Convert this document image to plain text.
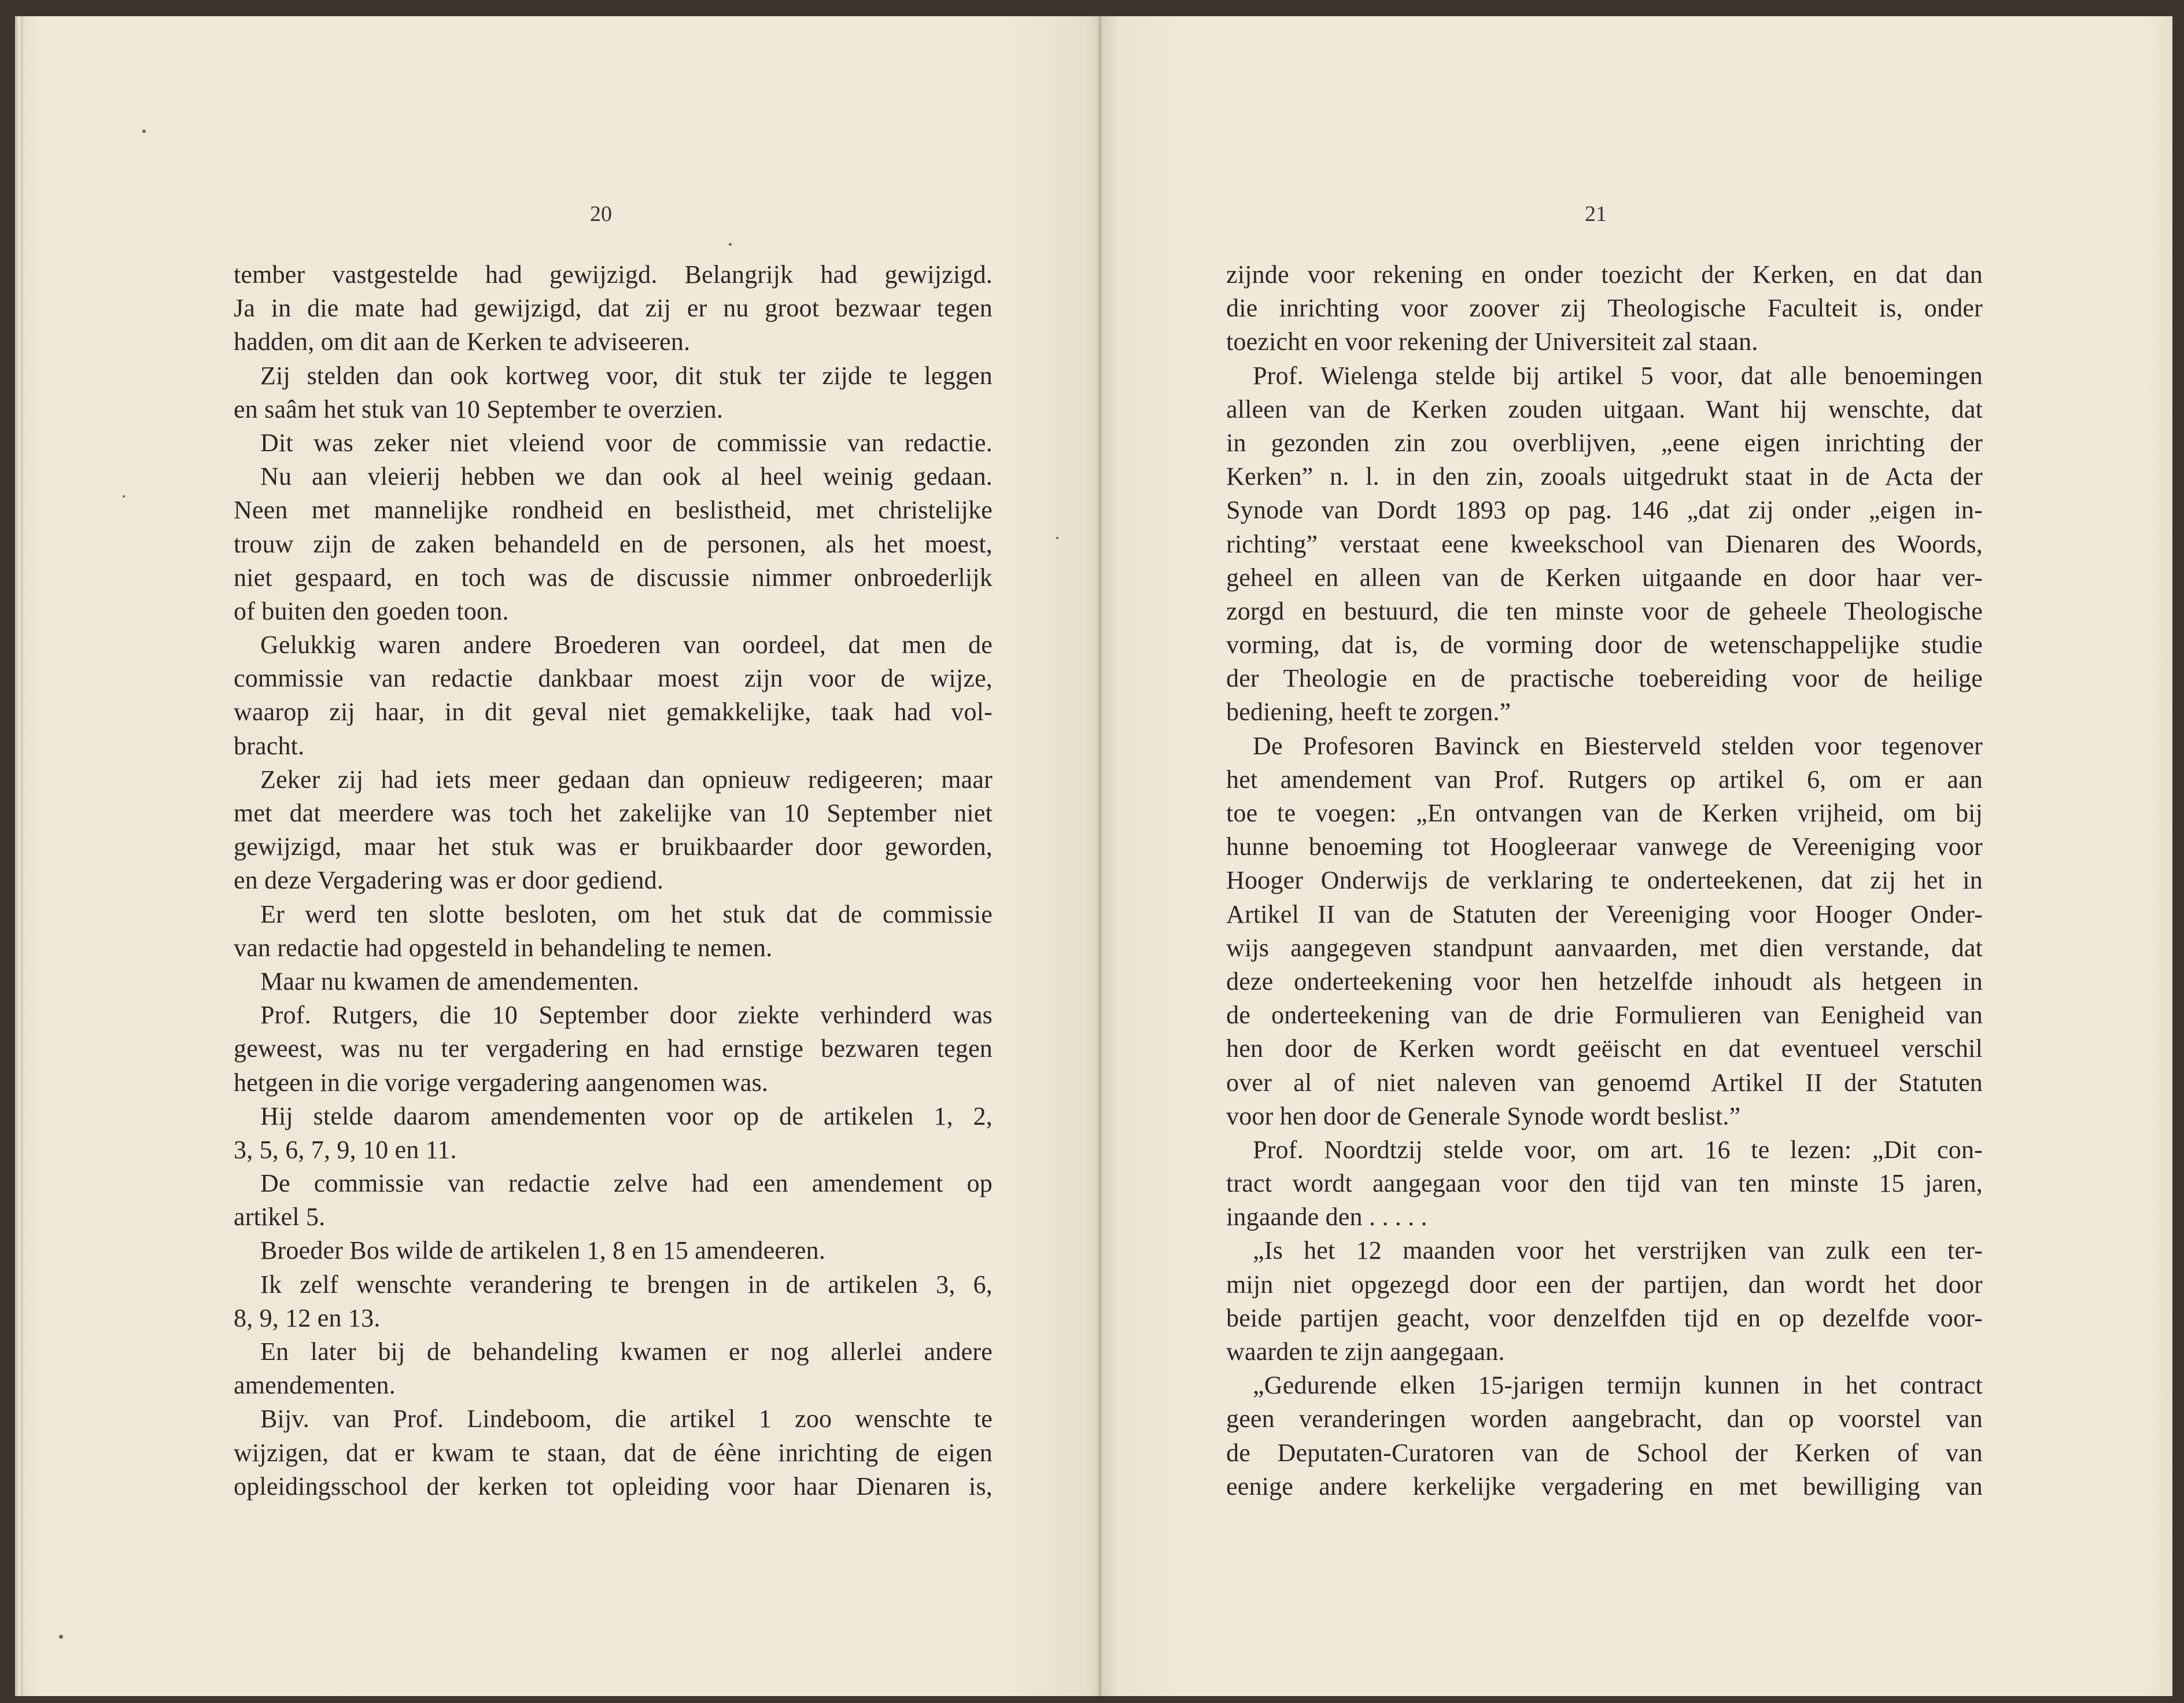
20
tember vastgestelde had gewijzigd. Belangrijk had gewijzigd.
Ja in die mate had gewijzigd, dat zij er nu groot bezwaar tegen
hadden, om dit aan de Kerken te adviseeren.
Zij stelden dan ook kortweg voor, dit stuk ter zijde te leggen
en saâm het stuk van 10 September te overzien.
Dit was zeker niet vleiend voor de commissie van redactie.
Nu aan vleierij hebben we dan ook al heel weinig gedaan.
Neen met mannelijke rondheid en beslistheid, met christelijke
trouw zijn de zaken behandeld en de personen, als het moest,
niet gespaard, en toch was de discussie nimmer onbroederlijk
of buiten den goeden toon.
Gelukkig waren andere Broederen van oordeel, dat men de
commissie van redactie dankbaar moest zijn voor de wijze,
waarop zij haar, in dit geval niet gemakkelijke, taak had vol-
bracht.
Zeker zij had iets meer gedaan dan opnieuw redigeeren; maar
met dat meerdere was toch het zakelijke van 10 September niet
gewijzigd, maar het stuk was er bruikbaarder door geworden,
en deze Vergadering was er door gediend.
Er werd ten slotte besloten, om het stuk dat de commissie
van redactie had opgesteld in behandeling te nemen.
Maar nu kwamen de amendementen.
Prof. Rutgers, die 10 September door ziekte verhinderd was
geweest, was nu ter vergadering en had ernstige bezwaren tegen
hetgeen in die vorige vergadering aangenomen was.
Hij stelde daarom amendementen voor op de artikelen 1, 2,
3, 5, 6, 7, 9, 10 en 11.
De commissie van redactie zelve had een amendement op
artikel 5.
Broeder Bos wilde de artikelen 1, 8 en 15 amendeeren.
Ik zelf wenschte verandering te brengen in de artikelen 3, 6,
8, 9, 12 en 13.
En later bij de behandeling kwamen er nog allerlei andere
amendementen.
Bijv. van Prof. Lindeboom, die artikel 1 zoo wenschte te
wijzigen, dat er kwam te staan, dat de éène inrichting de eigen
opleidingsschool der kerken tot opleiding voor haar Dienaren is,
21
zijnde voor rekening en onder toezicht der Kerken, en dat dan
die inrichting voor zoover zij Theologische Faculteit is, onder
toezicht en voor rekening der Universiteit zal staan.
Prof. Wielenga stelde bij artikel 5 voor, dat alle benoemingen
alleen van de Kerken zouden uitgaan. Want hij wenschte, dat
in gezonden zin zou overblijven, „eene eigen inrichting der
Kerken” n. l. in den zin, zooals uitgedrukt staat in de Acta der
Synode van Dordt 1893 op pag. 146 „dat zij onder „eigen in-
richting” verstaat eene kweekschool van Dienaren des Woords,
geheel en alleen van de Kerken uitgaande en door haar ver-
zorgd en bestuurd, die ten minste voor de geheele Theologische
vorming, dat is, de vorming door de wetenschappelijke studie
der Theologie en de practische toebereiding voor de heilige
bediening, heeft te zorgen.”
De Profesoren Bavinck en Biesterveld stelden voor tegenover
het amendement van Prof. Rutgers op artikel 6, om er aan
toe te voegen: „En ontvangen van de Kerken vrijheid, om bij
hunne benoeming tot Hoogleeraar vanwege de Vereeniging voor
Hooger Onderwijs de verklaring te onderteekenen, dat zij het in
Artikel II van de Statuten der Vereeniging voor Hooger Onder-
wijs aangegeven standpunt aanvaarden, met dien verstande, dat
deze onderteekening voor hen hetzelfde inhoudt als hetgeen in
de onderteekening van de drie Formulieren van Eenigheid van
hen door de Kerken wordt geëischt en dat eventueel verschil
over al of niet naleven van genoemd Artikel II der Statuten
voor hen door de Generale Synode wordt beslist.”
Prof. Noordtzij stelde voor, om art. 16 te lezen: „Dit con-
tract wordt aangegaan voor den tijd van ten minste 15 jaren,
ingaande den . . . . .
„Is het 12 maanden voor het verstrijken van zulk een ter-
mijn niet opgezegd door een der partijen, dan wordt het door
beide partijen geacht, voor denzelfden tijd en op dezelfde voor-
waarden te zijn aangegaan.
„Gedurende elken 15-jarigen termijn kunnen in het contract
geen veranderingen worden aangebracht, dan op voorstel van
de Deputaten-Curatoren van de School der Kerken of van
eenige andere kerkelijke vergadering en met bewilliging van
